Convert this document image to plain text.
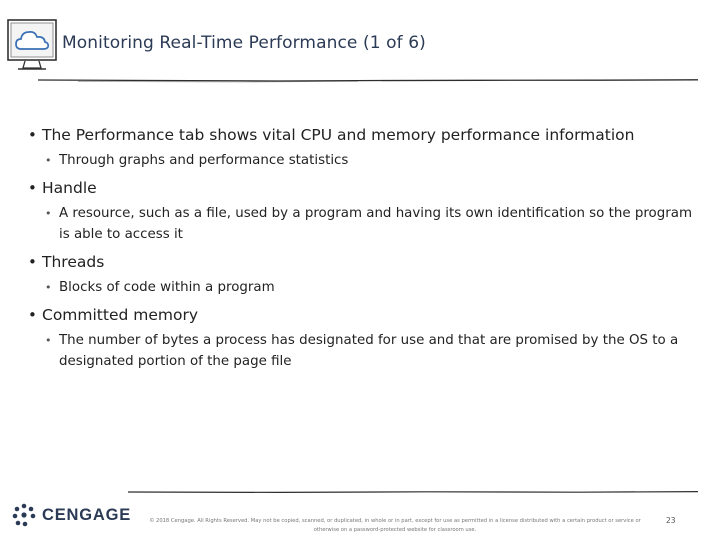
Monitoring Real-Time Performance (1 of 6)
• The Performance tab shows vital CPU and memory performance information
• Through graphs and performance statistics
• Handle
• A resource, such as a file, used by a program and having its own identification so the program is able to access it
• Threads
• Blocks of code within a program
• Committed memory
• The number of bytes a process has designated for use and that are promised by the OS to a designated portion of the page file
CENGAGE	© 2018 Cengage. All Rights Reserved. May not be copied, scanned, or duplicated, in whole or in part, except for use as permitted in a license distributed with a certain product or service or
otherwise on a password-protected website for classroom use.
23
